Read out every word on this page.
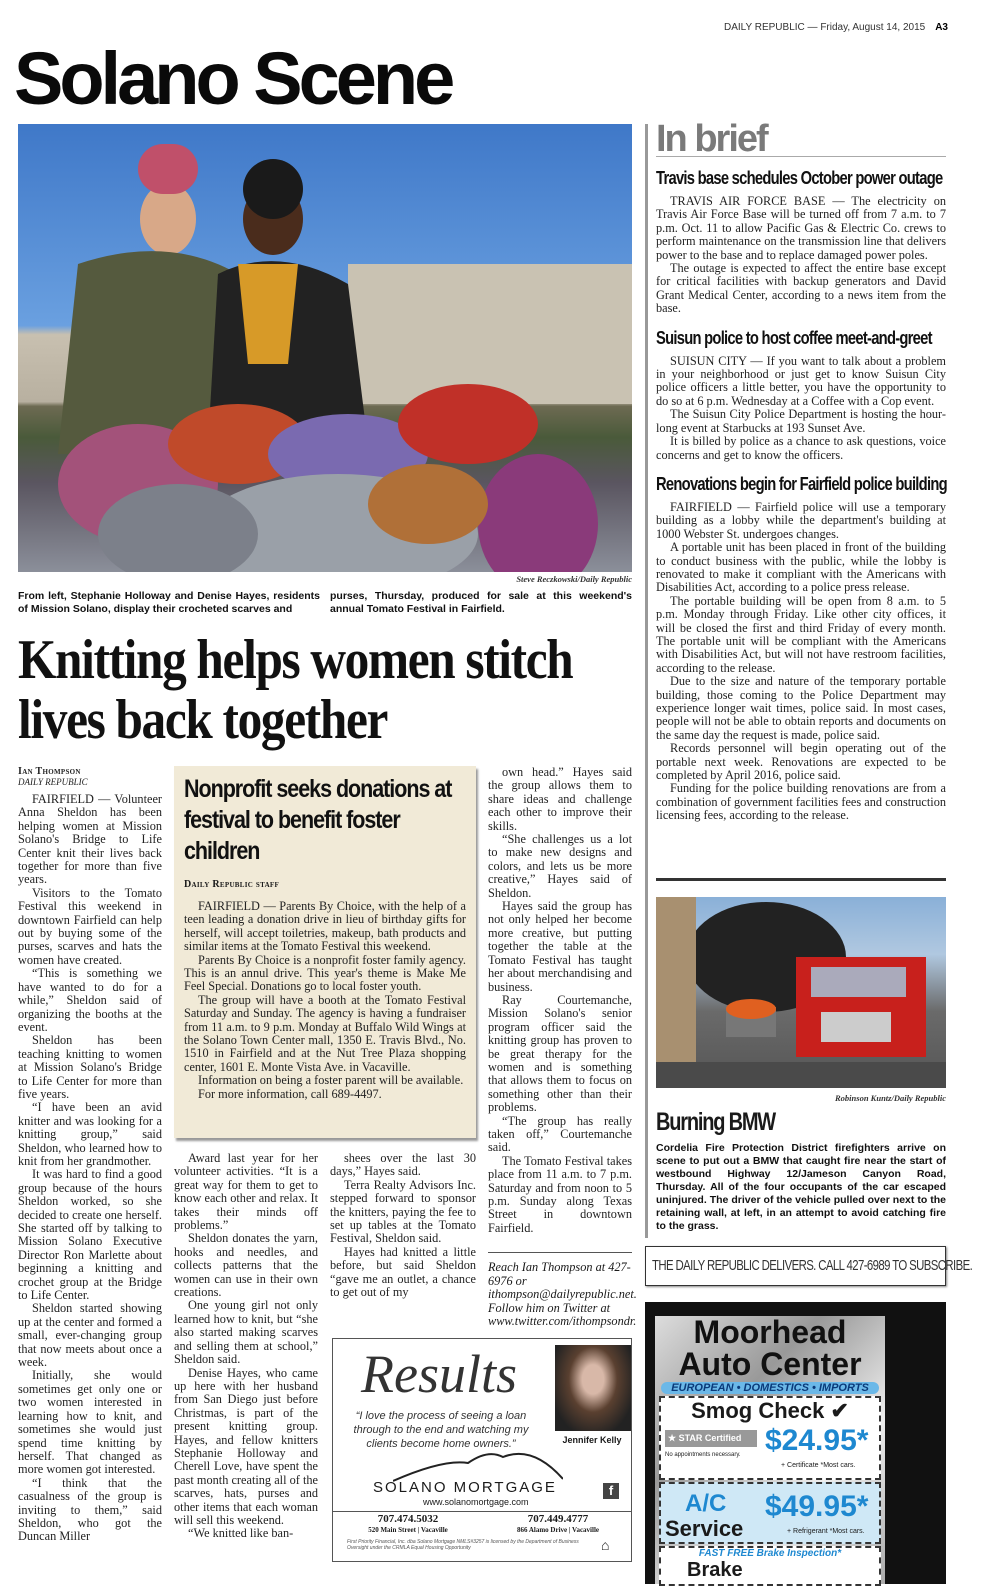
DAILY REPUBLIC — Friday, August 14, 2015 A3
Solano Scene
Steve Reczkowski/Daily Republic
From left, Stephanie Holloway and Denise Hayes, residents of Mission Solano, display their crocheted scarves and
purses, Thursday, produced for sale at this weekend's annual Tomato Festival in Fairfield.
Knitting helps women stitch lives back together
Ian Thompson
DAILY REPUBLIC

FAIRFIELD — Volunteer Anna Sheldon has been helping women at Mission Solano's Bridge to Life Center knit their lives back together for more than five years.

Visitors to the Tomato Festival this weekend in downtown Fairfield can help out by buying some of the purses, scarves and hats the women have created.

“This is something we have wanted to do for a while,” Sheldon said of organizing the booths at the event.

Sheldon has been teaching knitting to women at Mission Solano's Bridge to Life Center for more than five years.

“I have been an avid knitter and was looking for a knitting group,” said Sheldon, who learned how to knit from her grandmother.

It was hard to find a good group because of the hours Sheldon worked, so she decided to create one herself. She started off by talking to Mission Solano Executive Director Ron Marlette about beginning a knitting and crochet group at the Bridge to Life Center.

Sheldon started showing up at the center and formed a small, ever-changing group that now meets about once a week.

Initially, she would sometimes get only one or two women interested in learning how to knit, and sometimes she would just spend time knitting by herself. That changed as more women got interested.

“I think that the casualness of the group is inviting to them,” said Sheldon, who got the Duncan Miller

Nonprofit seeks donations at festival to benefit foster children
Daily Republic staff

FAIRFIELD — Parents By Choice, with the help of a teen leading a donation drive in lieu of birthday gifts for herself, will accept toiletries, makeup, bath products and similar items at the Tomato Festival this weekend.

Parents By Choice is a nonprofit foster family agency. This is an annul drive. This year's theme is Make Me Feel Special. Donations go to local foster youth.

The group will have a booth at the Tomato Festival Saturday and Sunday. The agency is having a fundraiser from 11 a.m. to 9 p.m. Monday at Buffalo Wild Wings at the Solano Town Center mall, 1350 E. Travis Blvd., No. 1510 in Fairfield and at the Nut Tree Plaza shopping center, 1601 E. Monte Vista Ave. in Vacaville.

Information on being a foster parent will be available.

For more information, call 689-4497.

Award last year for her volunteer activities. “It is a great way for them to get to know each other and relax. It takes their minds off problems.”

Sheldon donates the yarn, hooks and needles, and collects patterns that the women can use in their own creations.

One young girl not only learned how to knit, but “she also started making scarves and selling them at school,” Sheldon said.

Denise Hayes, who came up here with her husband from San Diego just before Christmas, is part of the present knitting group. Hayes, and fellow knitters Stephanie Holloway and Cherell Love, have spent the past month creating all of the scarves, hats, purses and other items that each woman will sell this weekend.

“We knitted like ban-

shees over the last 30 days,” Hayes said.

Terra Realty Advisors Inc. stepped forward to sponsor the knitters, paying the fee to set up tables at the Tomato Festival, Sheldon said.

Hayes had knitted a little before, but said Sheldon “gave me an outlet, a chance to get out of my

own head.” Hayes said the group allows them to share ideas and challenge each other to improve their skills.

“She challenges us a lot to make new designs and colors, and lets us be more creative,” Hayes said of Sheldon.

Hayes said the group has not only helped her become more creative, but putting together the table at the Tomato Festival has taught her about merchandising and business.

Ray Courtemanche, Mission Solano's senior program officer said the knitting group has proven to be great therapy for the women and is something that allows them to focus on something other than their problems.

“The group has really taken off,” Courtemanche said.

The Tomato Festival takes place from 11 a.m. to 7 p.m. Saturday and from noon to 5 p.m. Sunday along Texas Street in downtown Fairfield.

Reach Ian Thompson at 427-6976 or ithompson@dailyrepublic.net. Follow him on Twitter at www.twitter.com/ithompsondr.
Results
“I love the process of seeing a loan through to the end and watching my clients become home owners.”	Jennifer Kelly
SOLANO MORTGAGE
www.solanomortgage.com
f
707.474.5032
520 Main Street | Vacaville
707.449.4777
866 Alamo Drive | Vacaville
First Priority Financial, Inc. dba Solano Mortgage NMLS#3257 is licensed by the Department of Business Oversight under the CRMLA Equal Housing Opportunity	⌂
In brief
Travis base schedules October power outage

TRAVIS AIR FORCE BASE — The electricity on Travis Air Force Base will be turned off from 7 a.m. to 7 p.m. Oct. 11 to allow Pacific Gas & Electric Co. crews to perform maintenance on the transmission line that delivers power to the base and to replace damaged power poles.

The outage is expected to affect the entire base except for critical facilities with backup generators and David Grant Medical Center, according to a news item from the base.

Suisun police to host coffee meet-and-greet

SUISUN CITY — If you want to talk about a problem in your neighborhood or just get to know Suisun City police officers a little better, you have the opportunity to do so at 6 p.m. Wednesday at a Coffee with a Cop event.

The Suisun City Police Department is hosting the hour-long event at Starbucks at 193 Sunset Ave.

It is billed by police as a chance to ask questions, voice concerns and get to know the officers.

Renovations begin for Fairfield police building

FAIRFIELD — Fairfield police will use a temporary building as a lobby while the department's building at 1000 Webster St. undergoes changes.

A portable unit has been placed in front of the building to conduct business with the public, while the lobby is renovated to make it compliant with the Americans with Disabilities Act, according to a police press release.

The portable building will be open from 8 a.m. to 5 p.m. Monday through Friday. Like other city offices, it will be closed the first and third Friday of every month. The portable unit will be compliant with the Americans with Disabilities Act, but will not have restroom facilities, according to the release.

Due to the size and nature of the temporary portable building, those coming to the Police Department may experience longer wait times, police said. In most cases, people will not be able to obtain reports and documents on the same day the request is made, police said.

Records personnel will begin operating out of the portable next week. Renovations are expected to be completed by April 2016, police said.

Funding for the police building renovations are from a combination of government facilities fees and construction licensing fees, according to the release.

Robinson Kuntz/Daily Republic
Burning BMW
Cordelia Fire Protection District firefighters arrive on scene to put out a BMW that caught fire near the start of westbound Highway 12/Jameson Canyon Road, Thursday. All of the four occupants of the car escaped uninjured. The driver of the vehicle pulled over next to the retaining wall, at left, in an attempt to avoid catching fire to the grass.
THE DAILY REPUBLIC DELIVERS. CALL 427-6989 TO SUBSCRIBE.
Moorhead
Auto Center
EUROPEAN • DOMESTICS • IMPORTS
Smog Check ✔
★ STAR Certified
No appointments necessary. $24.95*
+ Certificate *Most cars.
A/C
Service
$49.95*
+ Refrigerant *Most cars.
FAST FREE Brake Inspection*
Brake
